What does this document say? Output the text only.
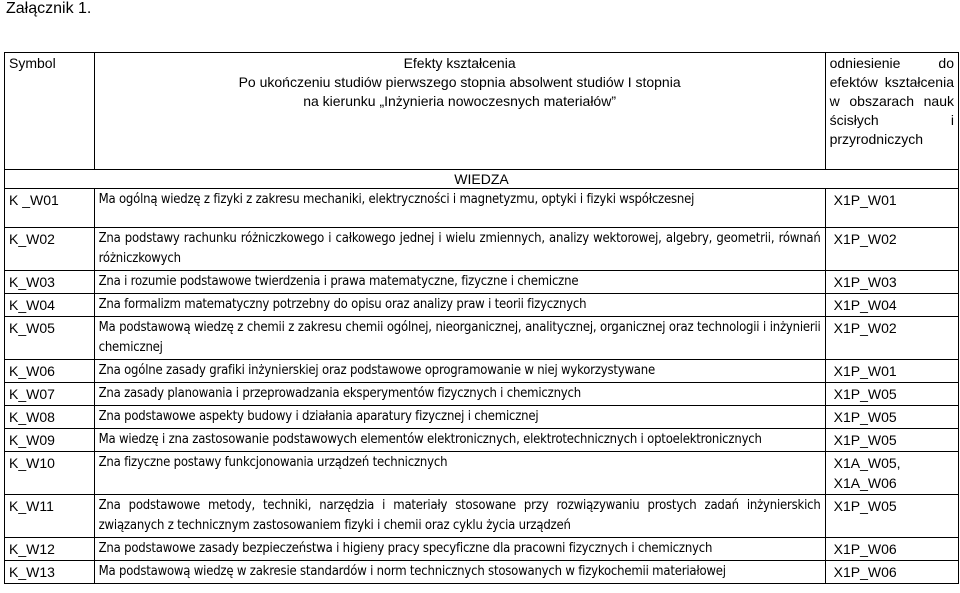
Załącznik 1.
Symbol	Efekty kształcenia
Po ukończeniu studiów pierwszego stopnia absolwent studiów I stopnia
na kierunku „Inżynieria nowoczesnych materiałów”	odniesienie do efektów kształcenia w obszarach nauk ścisłych i przyrodniczych
WIEDZA		
K _W01	Ma ogólną wiedzę z fizyki z zakresu mechaniki, elektryczności i magnetyzmu, optyki i fizyki współczesnej	X1P_W01
K_W02	Zna podstawy rachunku różniczkowego i całkowego jednej i wielu zmiennych, analizy wektorowej, algebry, geometrii, równań różniczkowych	X1P_W02
K_W03	Zna i rozumie podstawowe twierdzenia i prawa matematyczne, fizyczne i chemiczne	X1P_W03
K_W04	Zna formalizm matematyczny potrzebny do opisu oraz analizy praw i teorii fizycznych	X1P_W04
K_W05	Ma podstawową wiedzę z chemii z zakresu chemii ogólnej, nieorganicznej, analitycznej, organicznej oraz technologii i inżynierii chemicznej	X1P_W02
K_W06	Zna ogólne zasady grafiki inżynierskiej oraz podstawowe oprogramowanie w niej wykorzystywane	X1P_W01
K_W07	Zna zasady planowania i przeprowadzania eksperymentów fizycznych i chemicznych	X1P_W05
K_W08	Zna podstawowe aspekty budowy i działania aparatury fizycznej i chemicznej	X1P_W05
K_W09	Ma wiedzę i zna zastosowanie podstawowych elementów elektronicznych, elektrotechnicznych i optoelektronicznych	X1P_W05
K_W10	Zna fizyczne postawy funkcjonowania urządzeń technicznych	X1A_W05, X1A_W06
K_W11	Zna podstawowe metody, techniki, narzędzia i materiały stosowane przy rozwiązywaniu prostych zadań inżynierskich związanych z technicznym zastosowaniem fizyki i chemii oraz cyklu życia urządzeń	X1P_W05
K_W12	Zna podstawowe zasady bezpieczeństwa i higieny pracy specyficzne dla pracowni fizycznych i chemicznych	X1P_W06
K_W13	Ma podstawową wiedzę w zakresie standardów i norm technicznych stosowanych w fizykochemii materiałowej	X1P_W06
